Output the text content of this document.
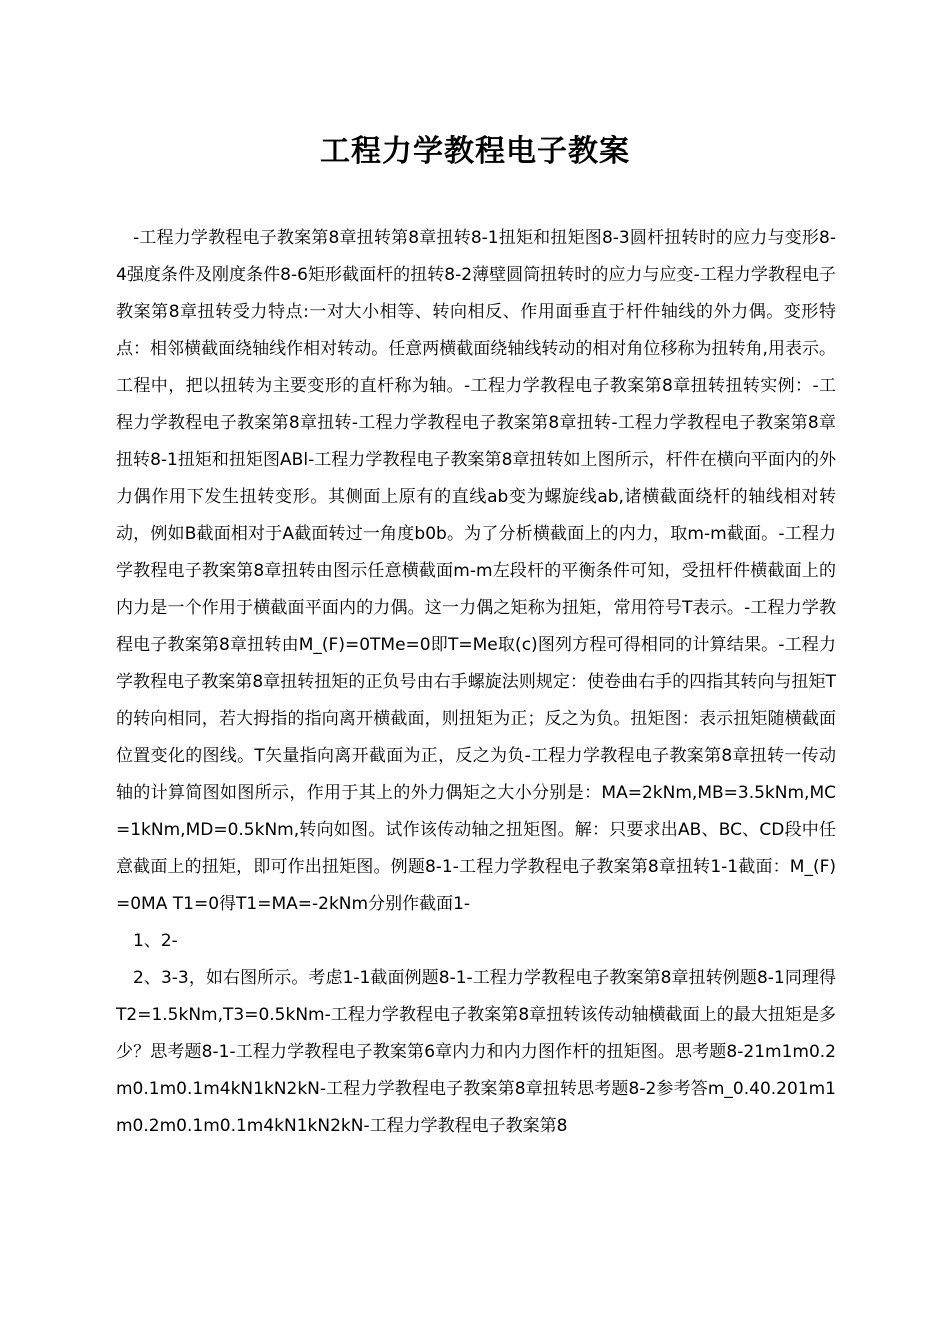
工程力学教程电子教案

-工程力学教程电子教案第8章扭转第8章扭转8-1扭矩和扭矩图8-3圆杆扭转时的应力与变形8-4强度条件及刚度条件8-6矩形截面杆的扭转8-2薄壁圆筒扭转时的应力与应变-工程力学教程电子教案第8章扭转受力特点:一对大小相等、转向相反、作用面垂直于杆件轴线的外力偶。变形特点：相邻横截面绕轴线作相对转动。任意两横截面绕轴线转动的相对角位移称为扭转角,用表示。工程中，把以扭转为主要变形的直杆称为轴。-工程力学教程电子教案第8章扭转扭转实例：-工程力学教程电子教案第8章扭转-工程力学教程电子教案第8章扭转-工程力学教程电子教案第8章扭转8-1扭矩和扭矩图ABl-工程力学教程电子教案第8章扭转如上图所示，杆件在横向平面内的外力偶作用下发生扭转变形。其侧面上原有的直线ab变为螺旋线ab,诸横截面绕杆的轴线相对转动，例如B截面相对于A截面转过一角度b0b。为了分析横截面上的内力，取m-m截面。-工程力学教程电子教案第8章扭转由图示任意横截面m-m左段杆的平衡条件可知，受扭杆件横截面上的内力是一个作用于横截面平面内的力偶。这一力偶之矩称为扭矩，常用符号T表示。-工程力学教程电子教案第8章扭转由M_(F)=0TMe=0即T=Me取(c)图列方程可得相同的计算结果。-工程力学教程电子教案第8章扭转扭矩的正负号由右手螺旋法则规定：使卷曲右手的四指其转向与扭矩T的转向相同，若大拇指的指向离开横截面，则扭矩为正；反之为负。扭矩图：表示扭矩随横截面位置变化的图线。T矢量指向离开截面为正，反之为负-工程力学教程电子教案第8章扭转一传动轴的计算简图如图所示，作用于其上的外力偶矩之大小分别是：MA=2kNm,MB=3.5kNm,MC=1kNm,MD=0.5kNm,转向如图。试作该传动轴之扭矩图。解：只要求出AB、BC、CD段中任意截面上的扭矩，即可作出扭矩图。例题8-1-工程力学教程电子教案第8章扭转1-1截面：M_(F)=0MA T1=0得T1=MA=-2kNm分别作截面1-

1、2-

2、3-3，如右图所示。考虑1-1截面例题8-1-工程力学教程电子教案第8章扭转例题8-1同理得T2=1.5kNm,T3=0.5kNm-工程力学教程电子教案第8章扭转该传动轴横截面上的最大扭矩是多少？思考题8-1-工程力学教程电子教案第6章内力和内力图作杆的扭矩图。思考题8-21m1m0.2m0.1m0.1m4kN1kN2kN-工程力学教程电子教案第8章扭转思考题8-2参考答m_0.40.201m1m0.2m0.1m0.1m4kN1kN2kN-工程力学教程电子教案第8
